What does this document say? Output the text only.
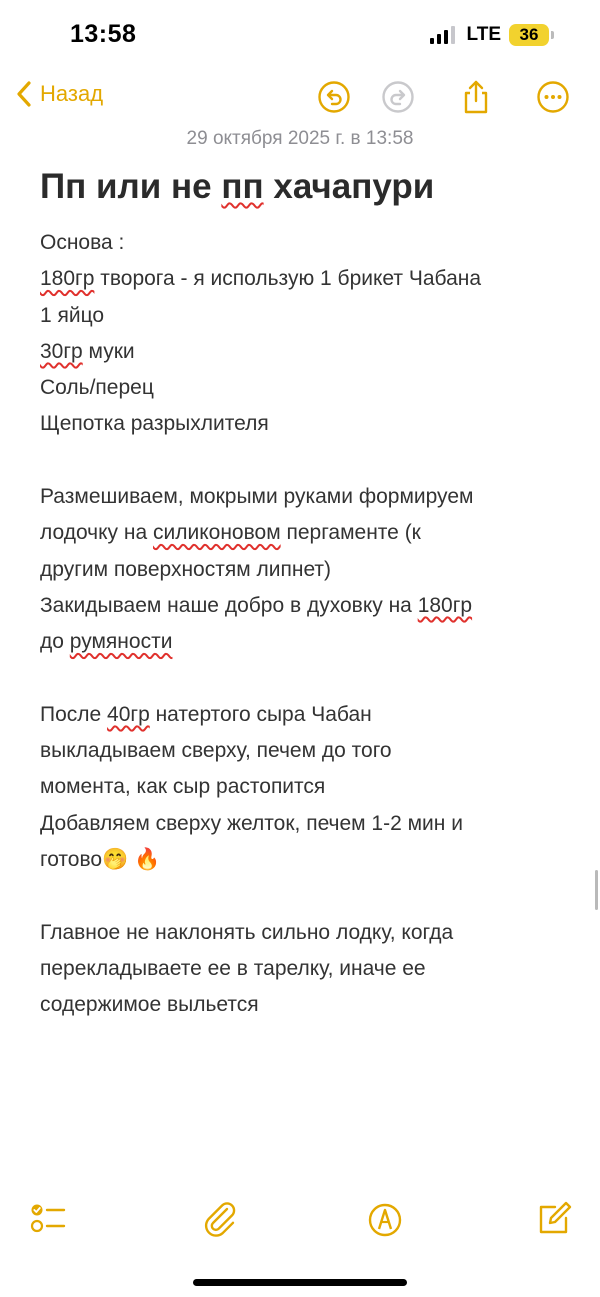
13:58	LTE	36
Назад
29 октября 2025 г. в 13:58
Пп или не пп хачапури
Основа :
180гр творога - я использую 1 брикет Чабана
1 яйцо
30гр муки
Соль/перец
Щепотка разрыхлителя
Размешиваем, мокрыми руками формируем
лодочку на силиконовом пергаменте (к
другим поверхностям липнет)
Закидываем наше добро в духовку на 180гр
до румяности
После 40гр натертого сыра Чабан
выкладываем сверху, печем до того
момента, как сыр растопится
Добавляем сверху желток, печем 1-2 мин и
готово🤭 🔥
Главное не наклонять сильно лодку, когда
перекладываете ее в тарелку, иначе ее
содержимое выльется
